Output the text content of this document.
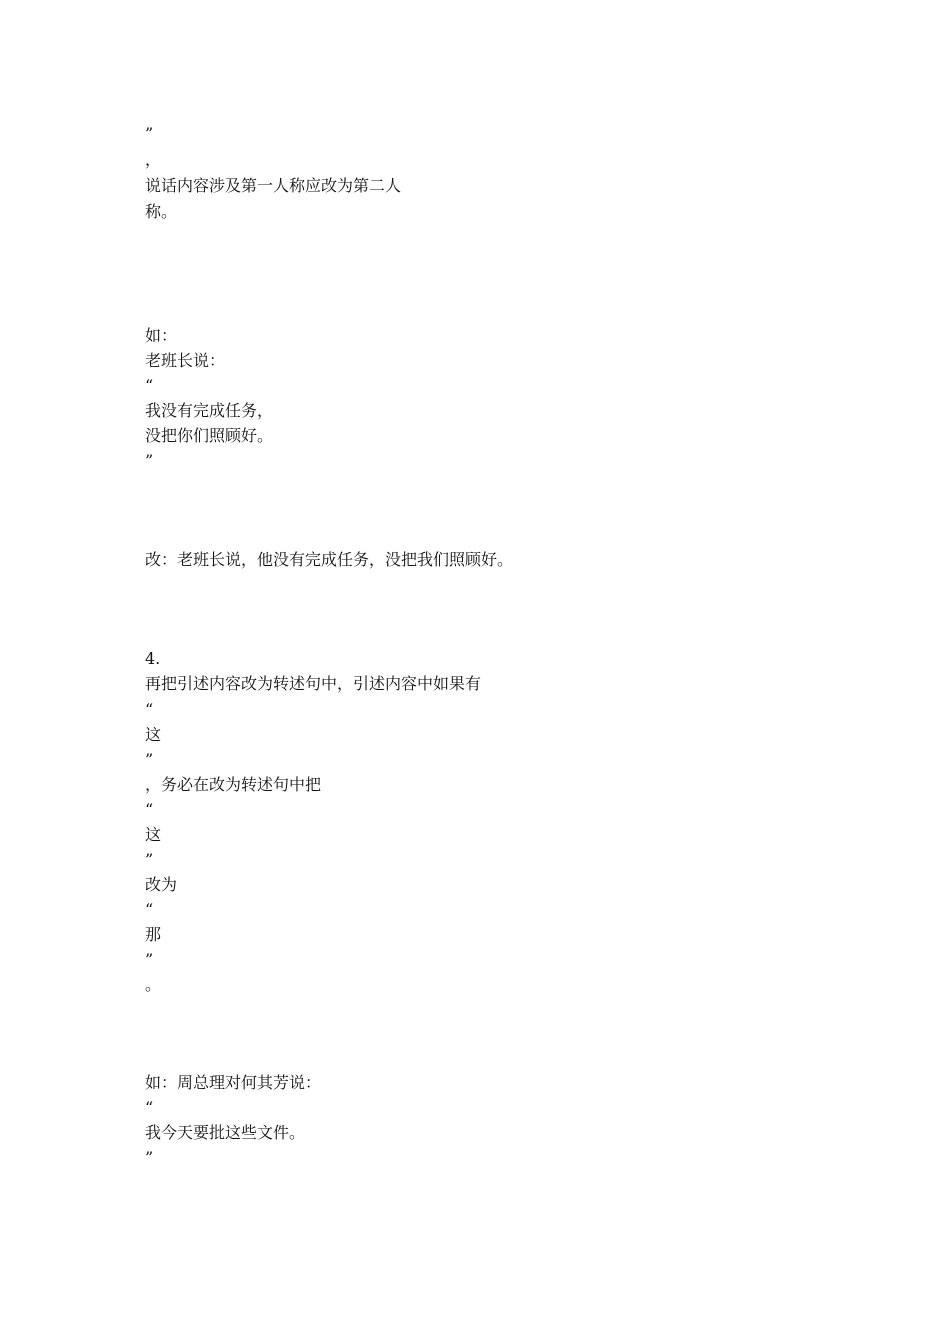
”
，
说话内容涉及第一人称应改为第二人
称。
如：
老班长说：
“
我没有完成任务，
没把你们照顾好。
”
改：老班长说，他没有完成任务，没把我们照顾好。
4.
再把引述内容改为转述句中，引述内容中如果有
“
这
”
，务必在改为转述句中把
“
这
”
改为
“
那
”
。
如：周总理对何其芳说：
“
我今天要批这些文件。
”
